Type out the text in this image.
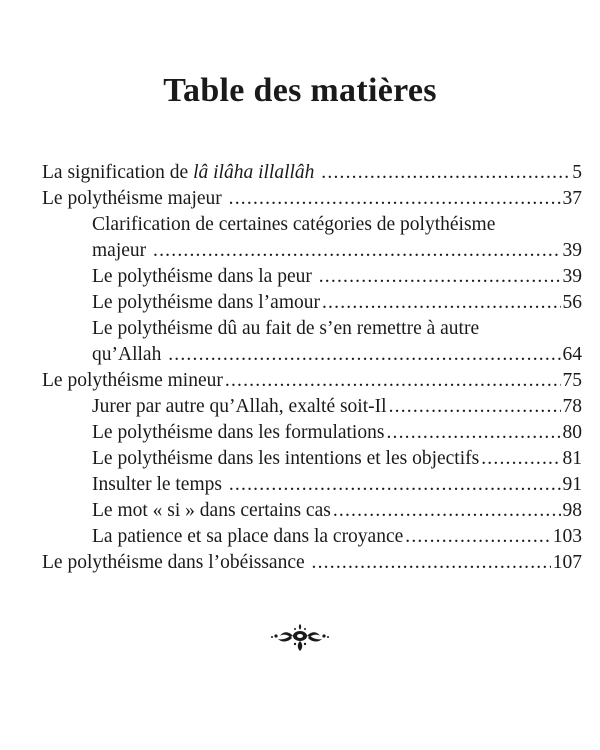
Table des matières
La signification de lâ ilâha illallâh .....	5
Le polythéisme majeur .....	37
Clarification de certaines catégories de polythéisme
majeur .....	39
Le polythéisme dans la peur .....	39
Le polythéisme dans l’amour .....	56
Le polythéisme dû au fait de s’en remettre à autre
qu’Allah .....	64
Le polythéisme mineur .....	75
Jurer par autre qu’Allah, exalté soit-Il .....	78
Le polythéisme dans les formulations .....	80
Le polythéisme dans les intentions et les objectifs .....	81
Insulter le temps .....	91
Le mot « si » dans certains cas .....	98
La patience et sa place dans la croyance .....	103
Le polythéisme dans l’obéissance .....	107
